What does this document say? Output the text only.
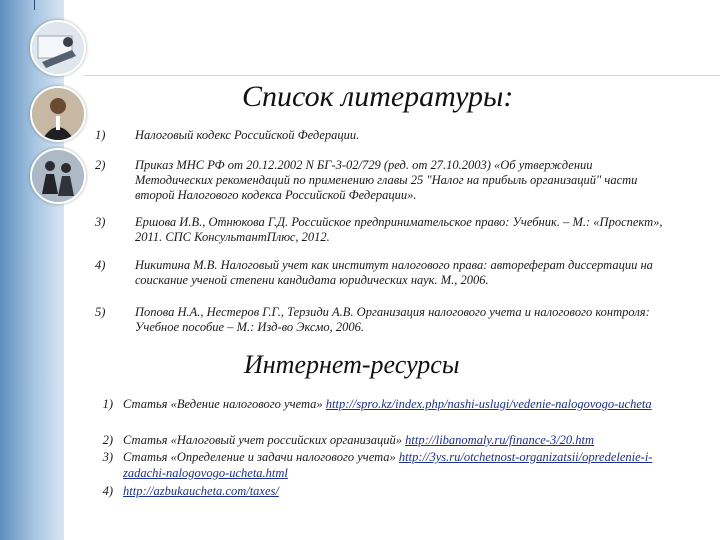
Список литературы:
1)	Налоговый кодекс Российской Федерации.
2)	Приказ МНС РФ от 20.12.2002 N БГ-3-02/729 (ред. от 27.10.2003) «Об утверждении Методических рекомендаций по применению главы 25 "Налог на прибыль организаций" части второй Налогового кодекса Российской Федерации».
3)	Ершова И.В., Отнюкова Г.Д. Российское предпринимательское право: Учебник. – М.: «Проспект», 2011. СПС КонсультантПлюс, 2012.
4)	Никитина М.В. Налоговый учет как институт налогового права: автореферат диссертации на соискание ученой степени кандидата юридических наук. М., 2006.
5)	Попова Н.А., Нестеров Г.Г., Терзиди А.В. Организация налогового учета и налогового контроля: Учебное пособие – М.: Изд-во Эксмо, 2006.
Интернет-ресурсы
1) Статья «Ведение налогового учета» http://spro.kz/index.php/nashi-uslugi/vedenie-nalogovogo-ucheta
2) Статья «Налоговый учет российских организаций» http://libanomaly.ru/finance-3/20.htm
3) Статья «Определение и задачи налогового учета» http://3ys.ru/otchetnost-organizatsii/opredelenie-i-zadachi-nalogovogo-ucheta.html
4) http://azbukaucheta.com/taxes/
